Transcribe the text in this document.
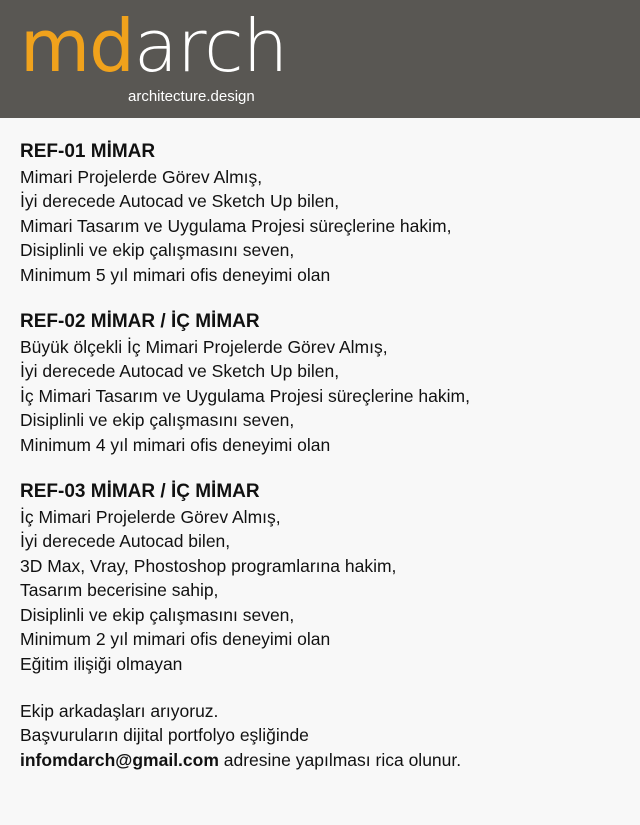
mdarch
architecture.design
REF-01 MİMAR
Mimari Projelerde Görev Almış,
İyi derecede Autocad ve Sketch Up bilen,
Mimari Tasarım ve Uygulama Projesi süreçlerine hakim,
Disiplinli ve ekip çalışmasını seven,
Minimum 5 yıl mimari ofis deneyimi olan
REF-02 MİMAR / İÇ MİMAR
Büyük ölçekli İç Mimari Projelerde Görev Almış,
İyi derecede Autocad ve Sketch Up bilen,
İç Mimari Tasarım ve Uygulama Projesi süreçlerine hakim,
Disiplinli ve ekip çalışmasını seven,
Minimum 4 yıl mimari ofis deneyimi olan
REF-03 MİMAR / İÇ MİMAR
İç Mimari Projelerde Görev Almış,
İyi derecede Autocad bilen,
3D Max, Vray, Phostoshop programlarına hakim,
Tasarım becerisine sahip,
Disiplinli ve ekip çalışmasını seven,
Minimum 2 yıl mimari ofis deneyimi olan
Eğitim ilişiği olmayan
Ekip arkadaşları arıyoruz.
Başvuruların dijital portfolyo eşliğinde
infomdarch@gmail.com adresine yapılması rica olunur.
